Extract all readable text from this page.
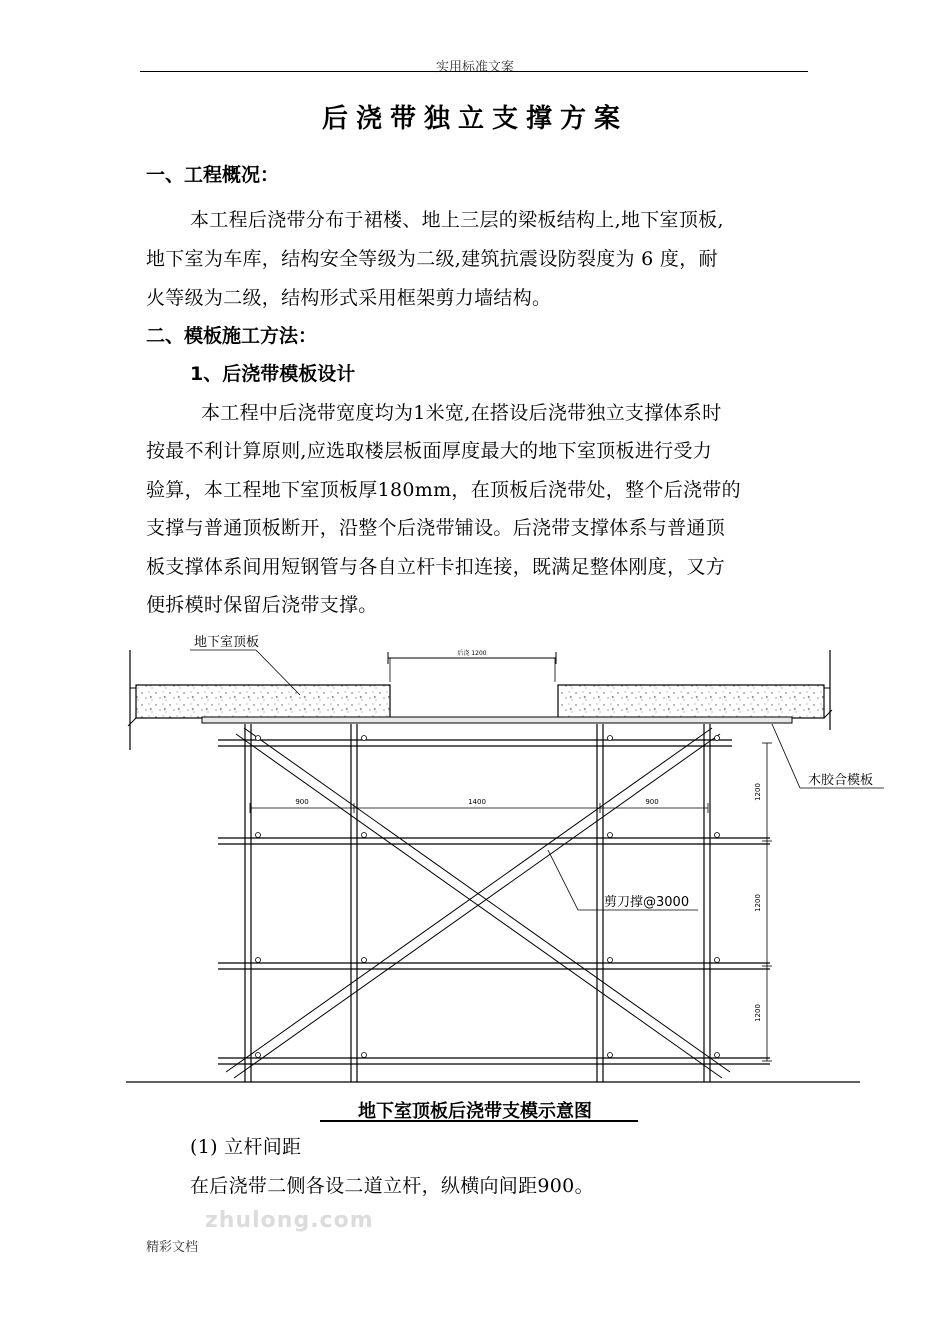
实用标准文案
后浇带独立支撑方案
一、工程概况：
本工程后浇带分布于裙楼、地上三层的梁板结构上,地下室顶板,
地下室为车库，结构安全等级为二级,建筑抗震设防裂度为 6 度，耐
火等级为二级，结构形式采用框架剪力墙结构。
二、模板施工方法：
1、后浇带模板设计
本工程中后浇带宽度均为1米宽,在搭设后浇带独立支撑体系时
按最不利计算原则,应选取楼层板面厚度最大的地下室顶板进行受力
验算，本工程地下室顶板厚180mm，在顶板后浇带处，整个后浇带的
支撑与普通顶板断开，沿整个后浇带铺设。后浇带支撑体系与普通顶
板支撑体系间用短钢管与各自立杆卡扣连接，既满足整体刚度，又方
便拆模时保留后浇带支撑。
后浇 1200
地下室顶板
900	1400	900
1200
1200
1200
木胶合模板
剪刀撑@3000
地下室顶板后浇带支模示意图
(1) 立杆间距
在后浇带二侧各设二道立杆，纵横向间距900。
zhulong.com
精彩文档
